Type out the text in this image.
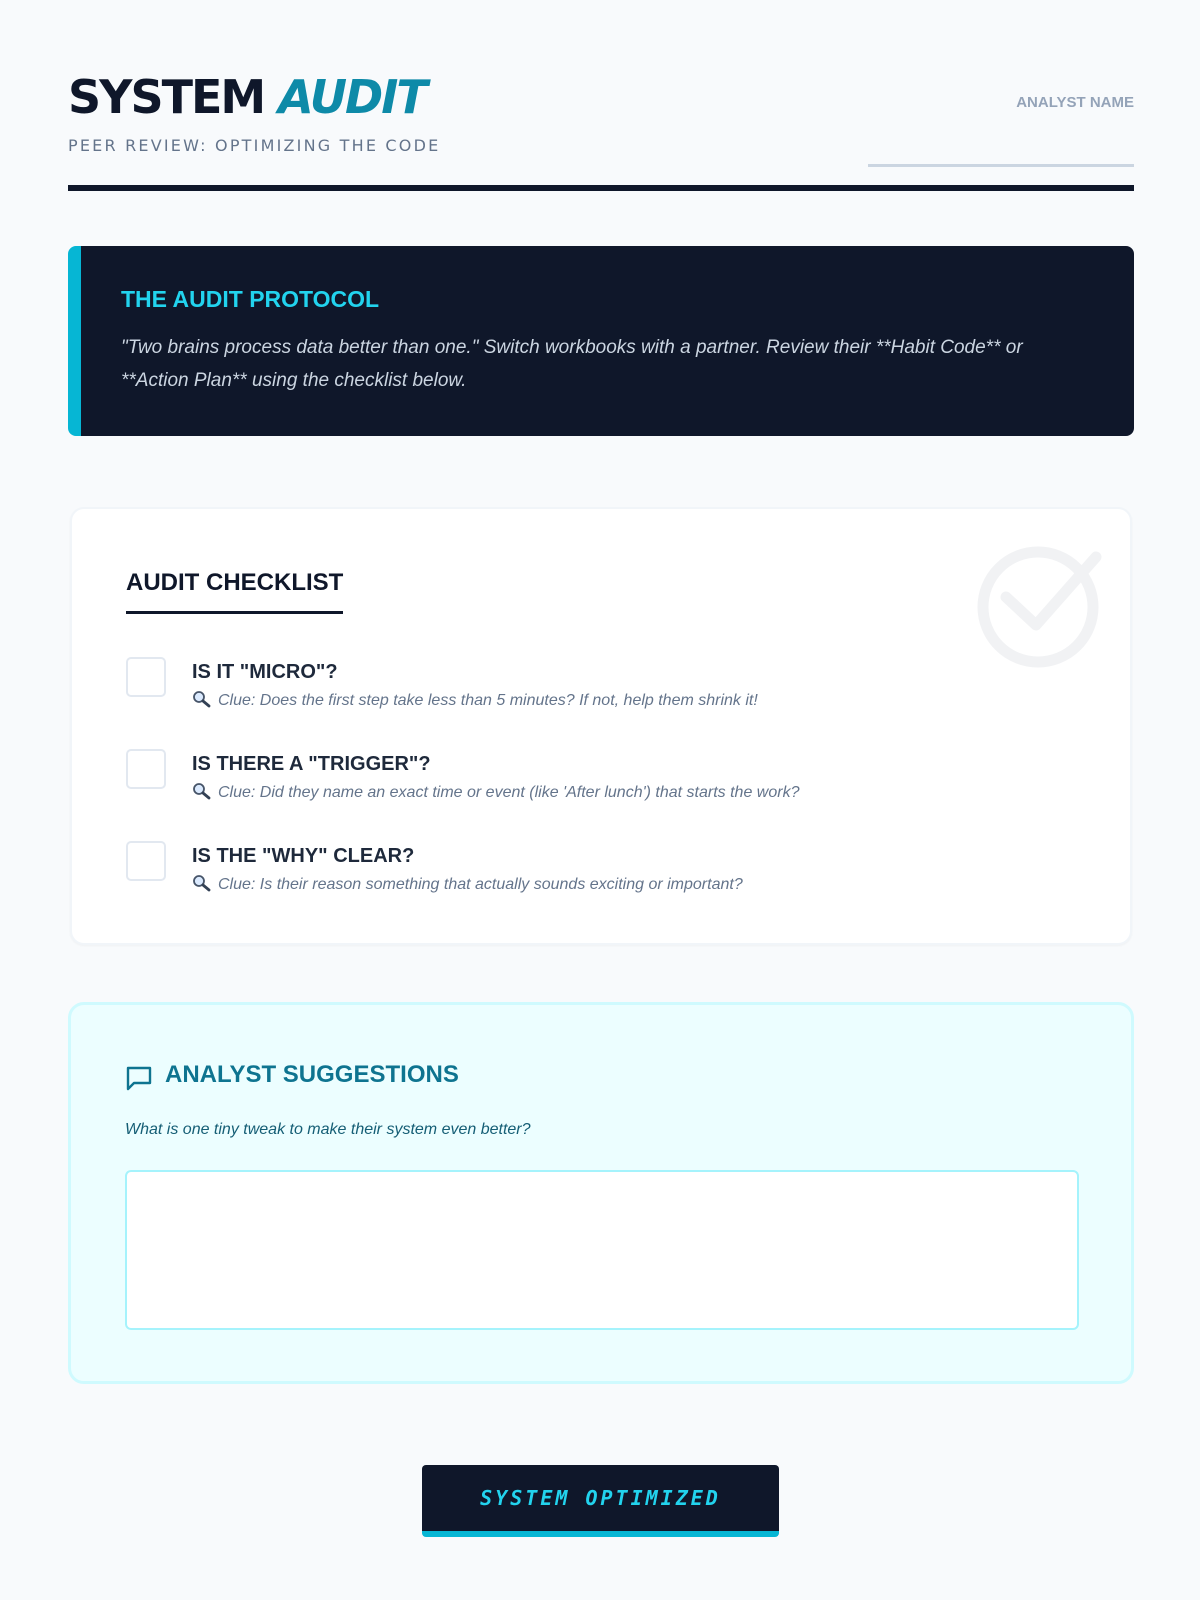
SYSTEM AUDIT
PEER REVIEW: OPTIMIZING THE CODE
ANALYST NAME
THE AUDIT PROTOCOL
"Two brains process data better than one." Switch workbooks with a partner. Review their **Habit Code** or **Action Plan** using the checklist below.
AUDIT CHECKLIST
IS IT "MICRO"?
Clue: Does the first step take less than 5 minutes? If not, help them shrink it!
IS THERE A "TRIGGER"?
Clue: Did they name an exact time or event (like 'After lunch') that starts the work?
IS THE "WHY" CLEAR?
Clue: Is their reason something that actually sounds exciting or important?
ANALYST SUGGESTIONS
What is one tiny tweak to make their system even better?
SYSTEM OPTIMIZED
